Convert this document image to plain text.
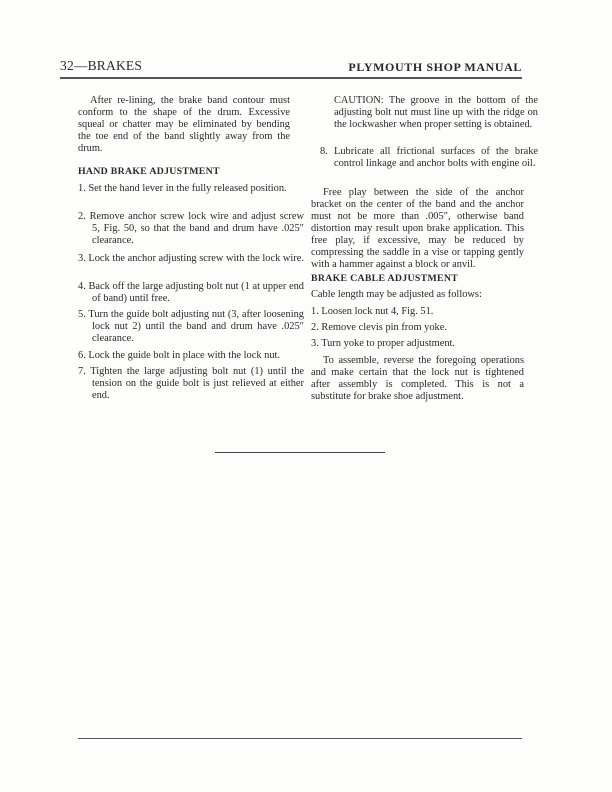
32—BRAKES	PLYMOUTH SHOP MANUAL
After re-lining, the brake band contour must conform to the shape of the drum. Excessive squeal or chatter may be eliminated by bending the toe end of the band slightly away from the drum.
HAND BRAKE ADJUSTMENT
1. Set the hand lever in the fully released position.
2. Remove anchor screw lock wire and adjust screw 5, Fig. 50, so that the band and drum have .025″ clearance.
3. Lock the anchor adjusting screw with the lock wire.
4. Back off the large adjusting bolt nut (1 at upper end of band) until free.
5. Turn the guide bolt adjusting nut (3, after loosening lock nut 2) until the band and drum have .025″ clearance.
6. Lock the guide bolt in place with the lock nut.
7. Tighten the large adjusting bolt nut (1) until the tension on the guide bolt is just relieved at either end.
CAUTION: The groove in the bottom of the adjusting bolt nut must line up with the ridge on the lockwasher when proper setting is obtained.
8. Lubricate all frictional surfaces of the brake control linkage and anchor bolts with engine oil.
Free play between the side of the anchor bracket on the center of the band and the anchor must not be more than .005″, otherwise band distortion may result upon brake application. This free play, if excessive, may be reduced by compressing the saddle in a vise or tapping gently with a hammer against a block or anvil.
BRAKE CABLE ADJUSTMENT
Cable length may be adjusted as follows:
1. Loosen lock nut 4, Fig. 51.
2. Remove clevis pin from yoke.
3. Turn yoke to proper adjustment.
To assemble, reverse the foregoing operations and make certain that the lock nut is tightened after assembly is completed. This is not a substitute for brake shoe adjustment.
